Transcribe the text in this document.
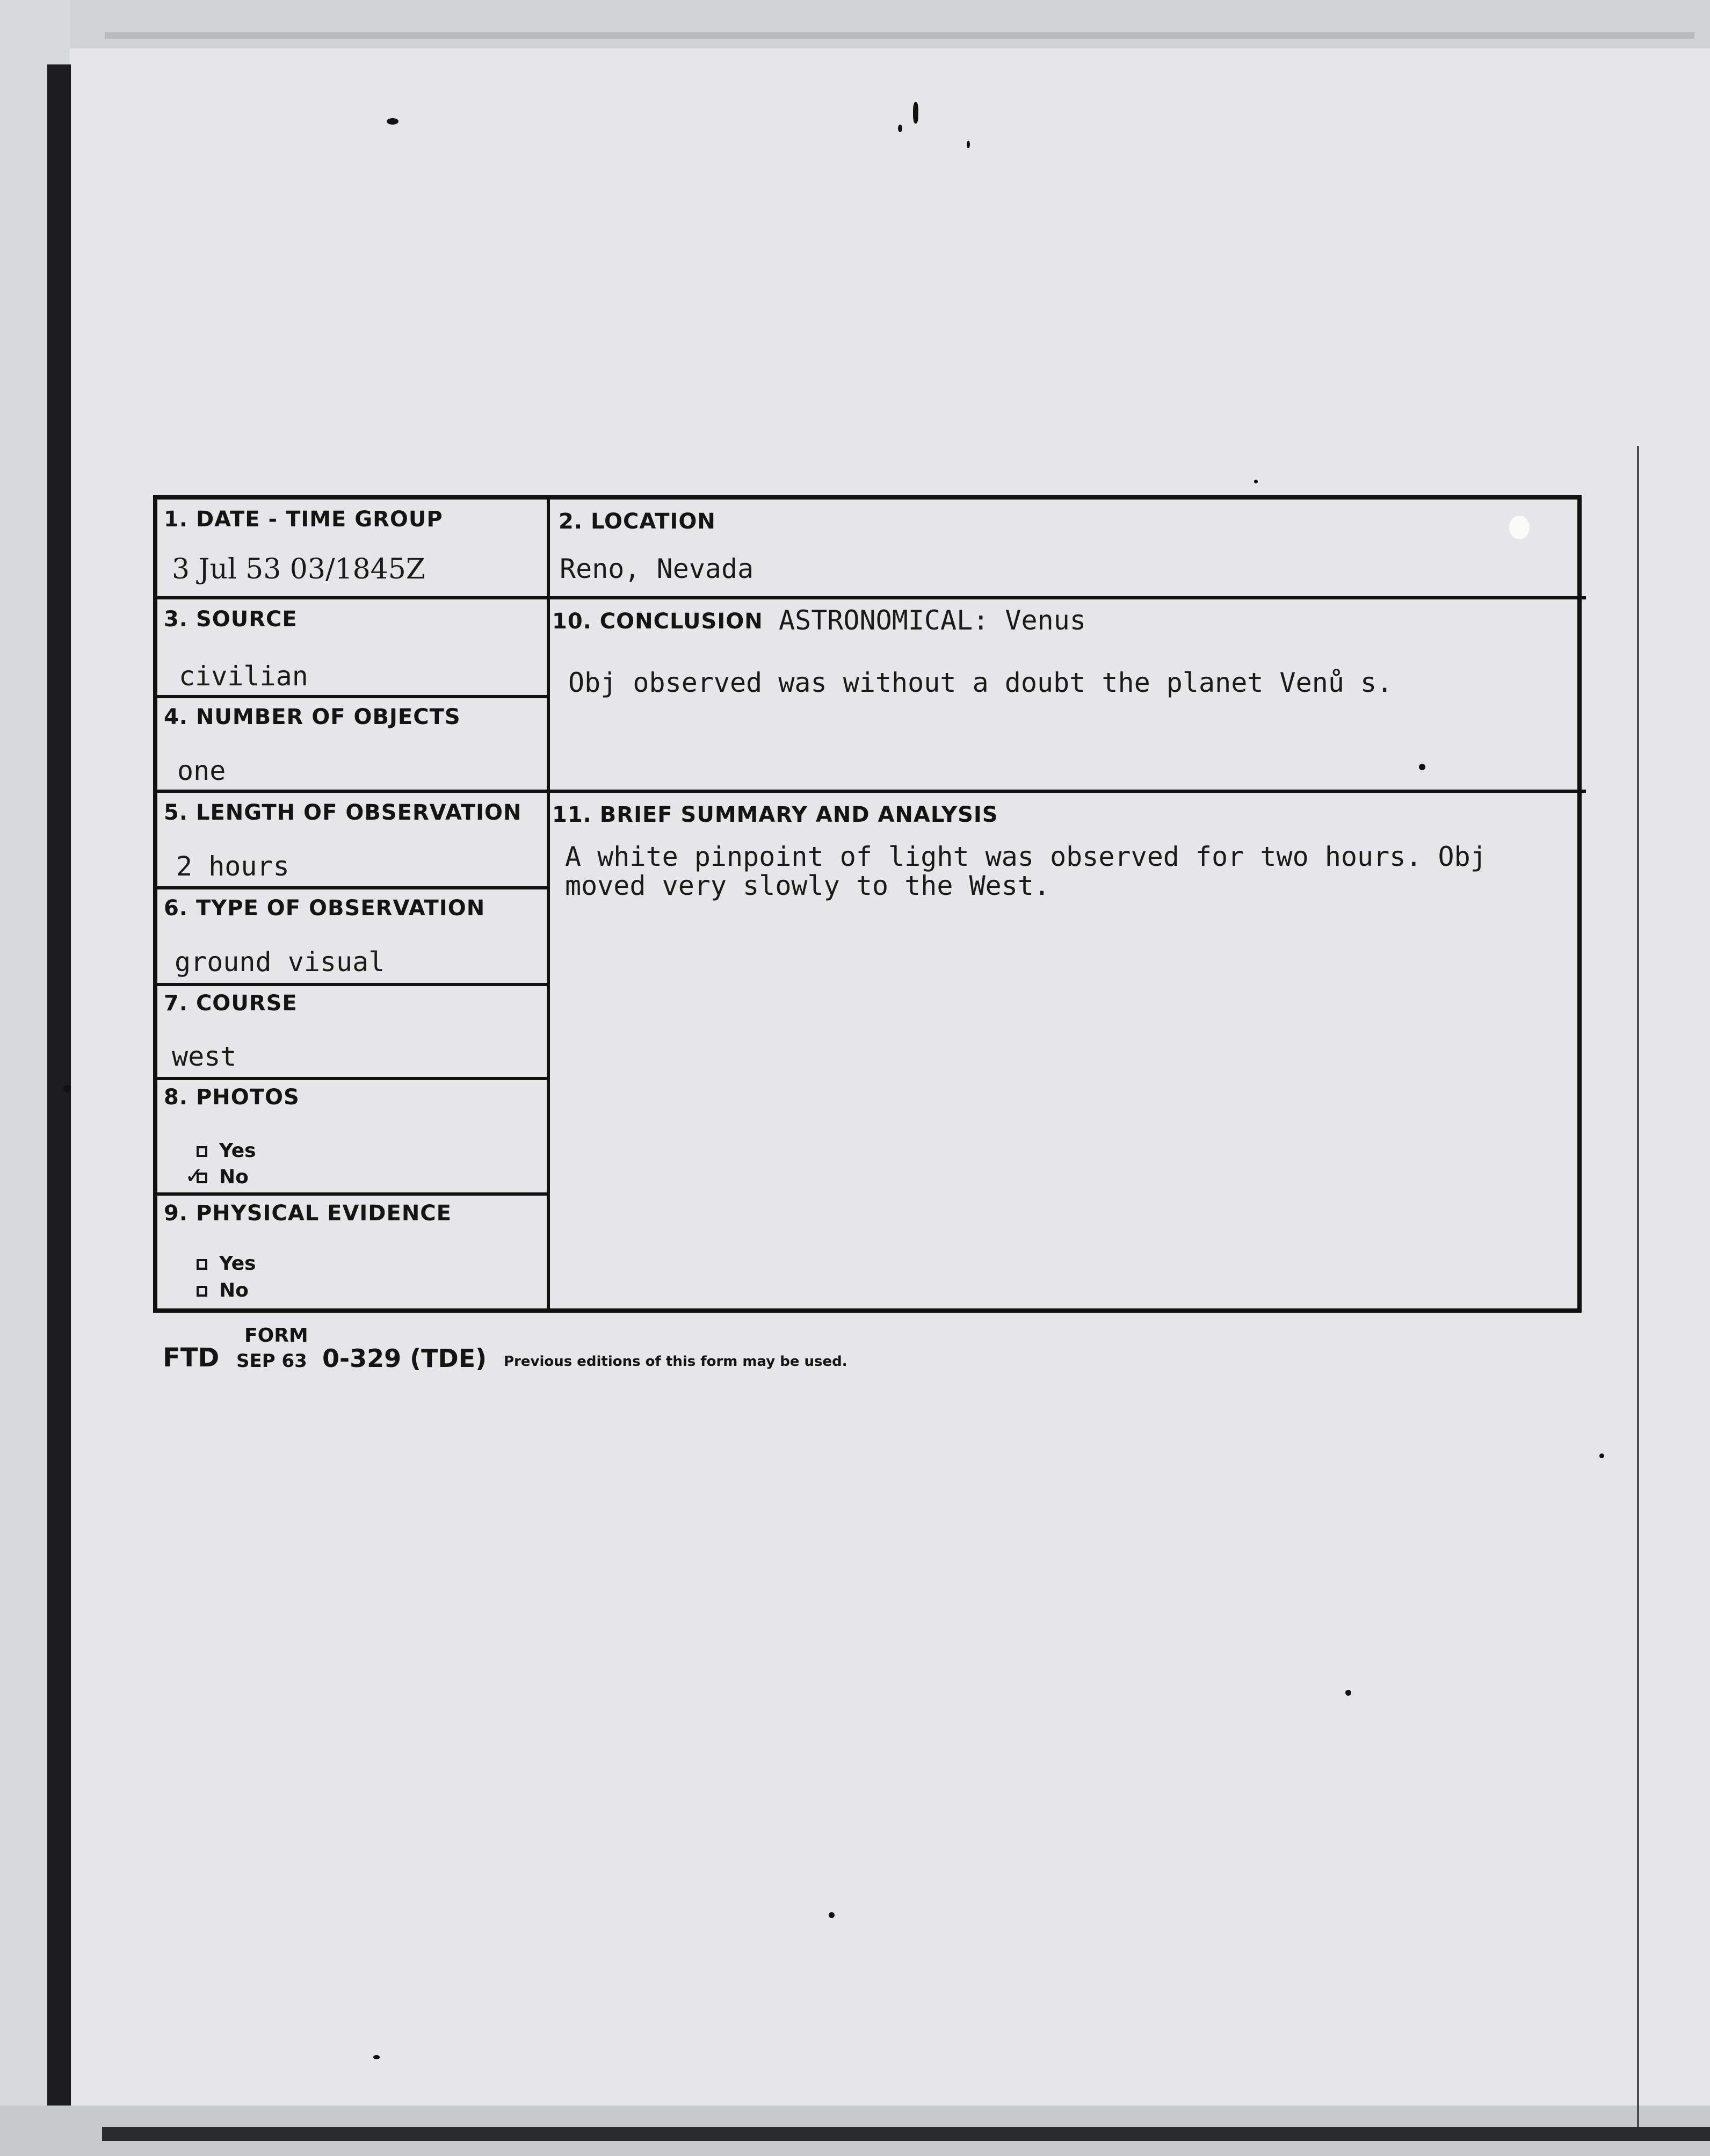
1. DATE - TIME GROUP
3 Jul 53 03/1845Z
2. LOCATION
Reno, Nevada
3. SOURCE
civilian
4. NUMBER OF OBJECTS
one
5. LENGTH OF OBSERVATION
2 hours
6. TYPE OF OBSERVATION
ground visual
7. COURSE
west
8. PHOTOS
Yes
No
✓
9. PHYSICAL EVIDENCE
Yes
No
10. CONCLUSION ASTRONOMICAL: Venus
Obj observed was without a doubt the planet Venů s.
11. BRIEF SUMMARY AND ANALYSIS
A white pinpoint of light was observed for two hours. Obj
moved very slowly to the West.
FORM
FTD SEP 63 0-329 (TDE) Previous editions of this form may be used.
